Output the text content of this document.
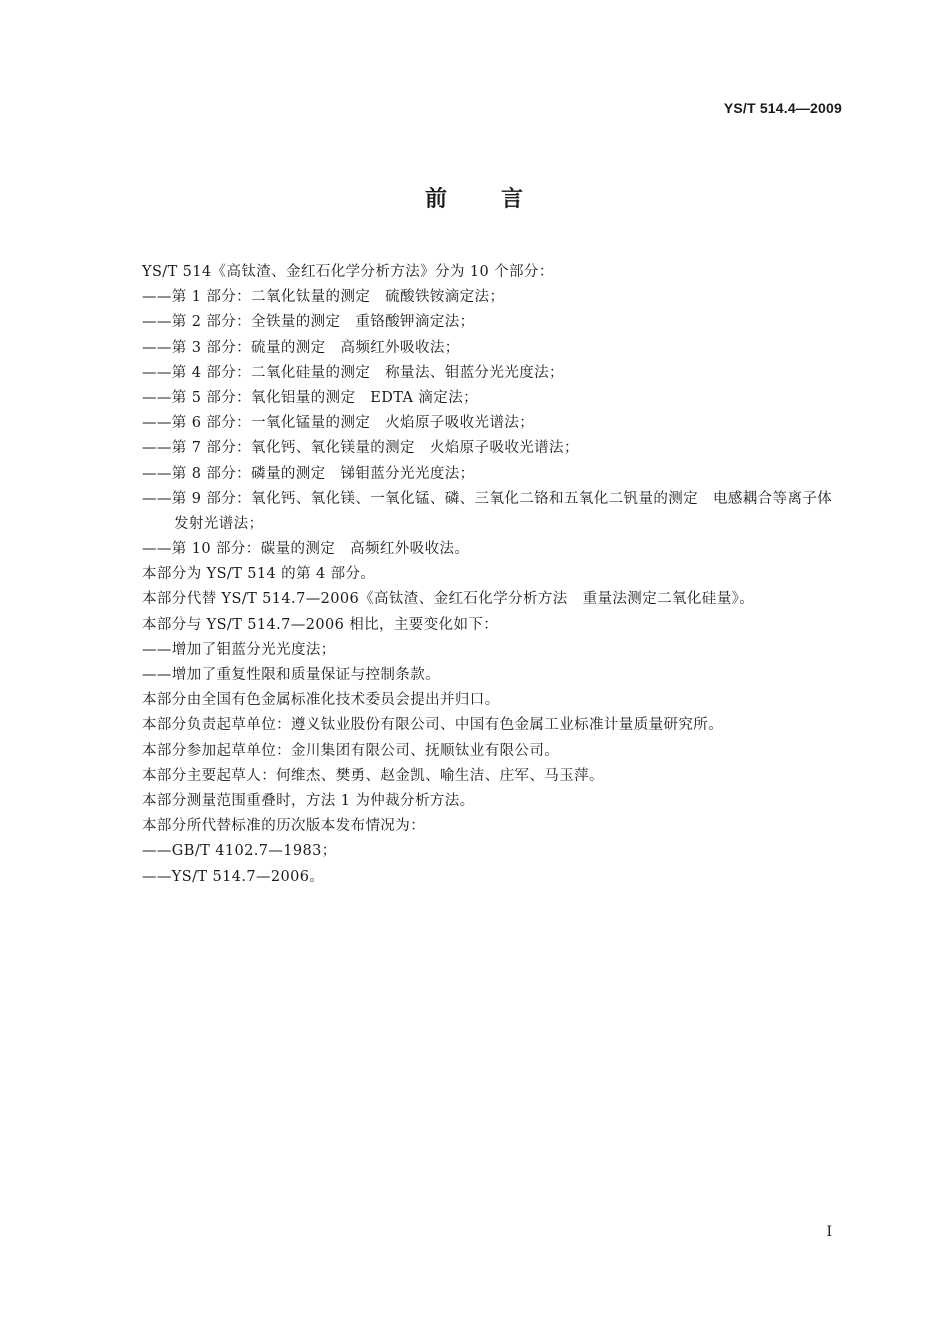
YS/T 514.4—2009
前 言
YS/T 514《高钛渣、金红石化学分析方法》分为 10 个部分：
——第 1 部分：二氧化钛量的测定　硫酸铁铵滴定法；
——第 2 部分：全铁量的测定　重铬酸钾滴定法；
——第 3 部分：硫量的测定　高频红外吸收法；
——第 4 部分：二氧化硅量的测定　称量法、钼蓝分光光度法；
——第 5 部分：氧化铝量的测定　EDTA 滴定法；
——第 6 部分：一氧化锰量的测定　火焰原子吸收光谱法；
——第 7 部分：氧化钙、氧化镁量的测定　火焰原子吸收光谱法；
——第 8 部分：磷量的测定　锑钼蓝分光光度法；
——第 9 部分：氧化钙、氧化镁、一氧化锰、磷、三氧化二铬和五氧化二钒量的测定　电感耦合等离子体发射光谱法；
——第 10 部分：碳量的测定　高频红外吸收法。
本部分为 YS/T 514 的第 4 部分。
本部分代替 YS/T 514.7—2006《高钛渣、金红石化学分析方法　重量法测定二氧化硅量》。
本部分与 YS/T 514.7—2006 相比，主要变化如下：
——增加了钼蓝分光光度法；
——增加了重复性限和质量保证与控制条款。
本部分由全国有色金属标准化技术委员会提出并归口。
本部分负责起草单位：遵义钛业股份有限公司、中国有色金属工业标准计量质量研究所。
本部分参加起草单位：金川集团有限公司、抚顺钛业有限公司。
本部分主要起草人：何维杰、樊勇、赵金凯、喻生洁、庄军、马玉萍。
本部分测量范围重叠时，方法 1 为仲裁分析方法。
本部分所代替标准的历次版本发布情况为：
——GB/T 4102.7—1983；
——YS/T 514.7—2006。
I
